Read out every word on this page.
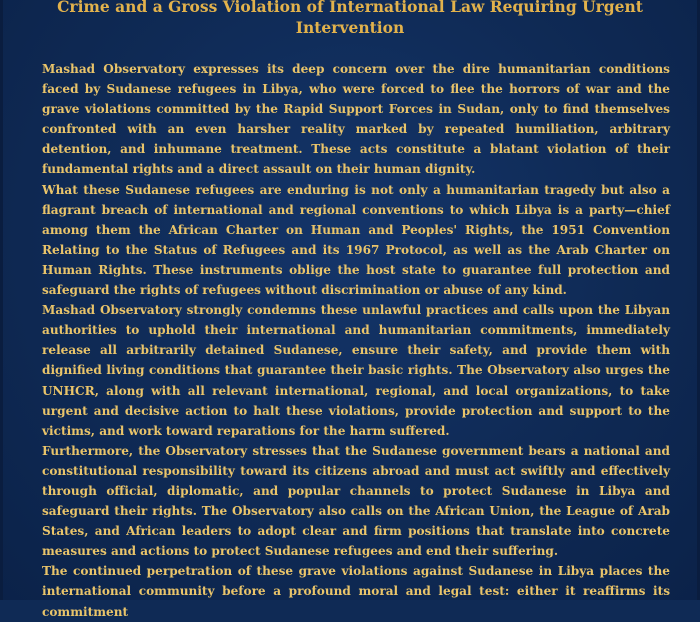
Crime and a Gross Violation of International Law Requiring Urgent
Intervention

Mashad Observatory expresses its deep concern over the dire humanitarian conditions faced by Sudanese refugees in Libya, who were forced to flee the horrors of war and the grave violations committed by the Rapid Support Forces in Sudan, only to find themselves confronted with an even harsher reality marked by repeated humiliation, arbitrary detention, and inhumane treatment. These acts constitute a blatant violation of their fundamental rights and a direct assault on their human dignity.

What these Sudanese refugees are enduring is not only a humanitarian tragedy but also a flagrant breach of international and regional conventions to which Libya is a party—chief among them the African Charter on Human and Peoples' Rights, the 1951 Convention Relating to the Status of Refugees and its 1967 Protocol, as well as the Arab Charter on Human Rights. These instruments oblige the host state to guarantee full protection and safeguard the rights of refugees without discrimination or abuse of any kind.

Mashad Observatory strongly condemns these unlawful practices and calls upon the Libyan authorities to uphold their international and humanitarian commitments, immediately release all arbitrarily detained Sudanese, ensure their safety, and provide them with dignified living conditions that guarantee their basic rights. The Observatory also urges the UNHCR, along with all relevant international, regional, and local organizations, to take urgent and decisive action to halt these violations, provide protection and support to the victims, and work toward reparations for the harm suffered.

Furthermore, the Observatory stresses that the Sudanese government bears a national and constitutional responsibility toward its citizens abroad and must act swiftly and effectively through official, diplomatic, and popular channels to protect Sudanese in Libya and safeguard their rights. The Observatory also calls on the African Union, the League of Arab States, and African leaders to adopt clear and firm positions that translate into concrete measures and actions to protect Sudanese refugees and end their suffering.

The continued perpetration of these grave violations against Sudanese in Libya places the international community before a profound moral and legal test: either it reaffirms its commitment
